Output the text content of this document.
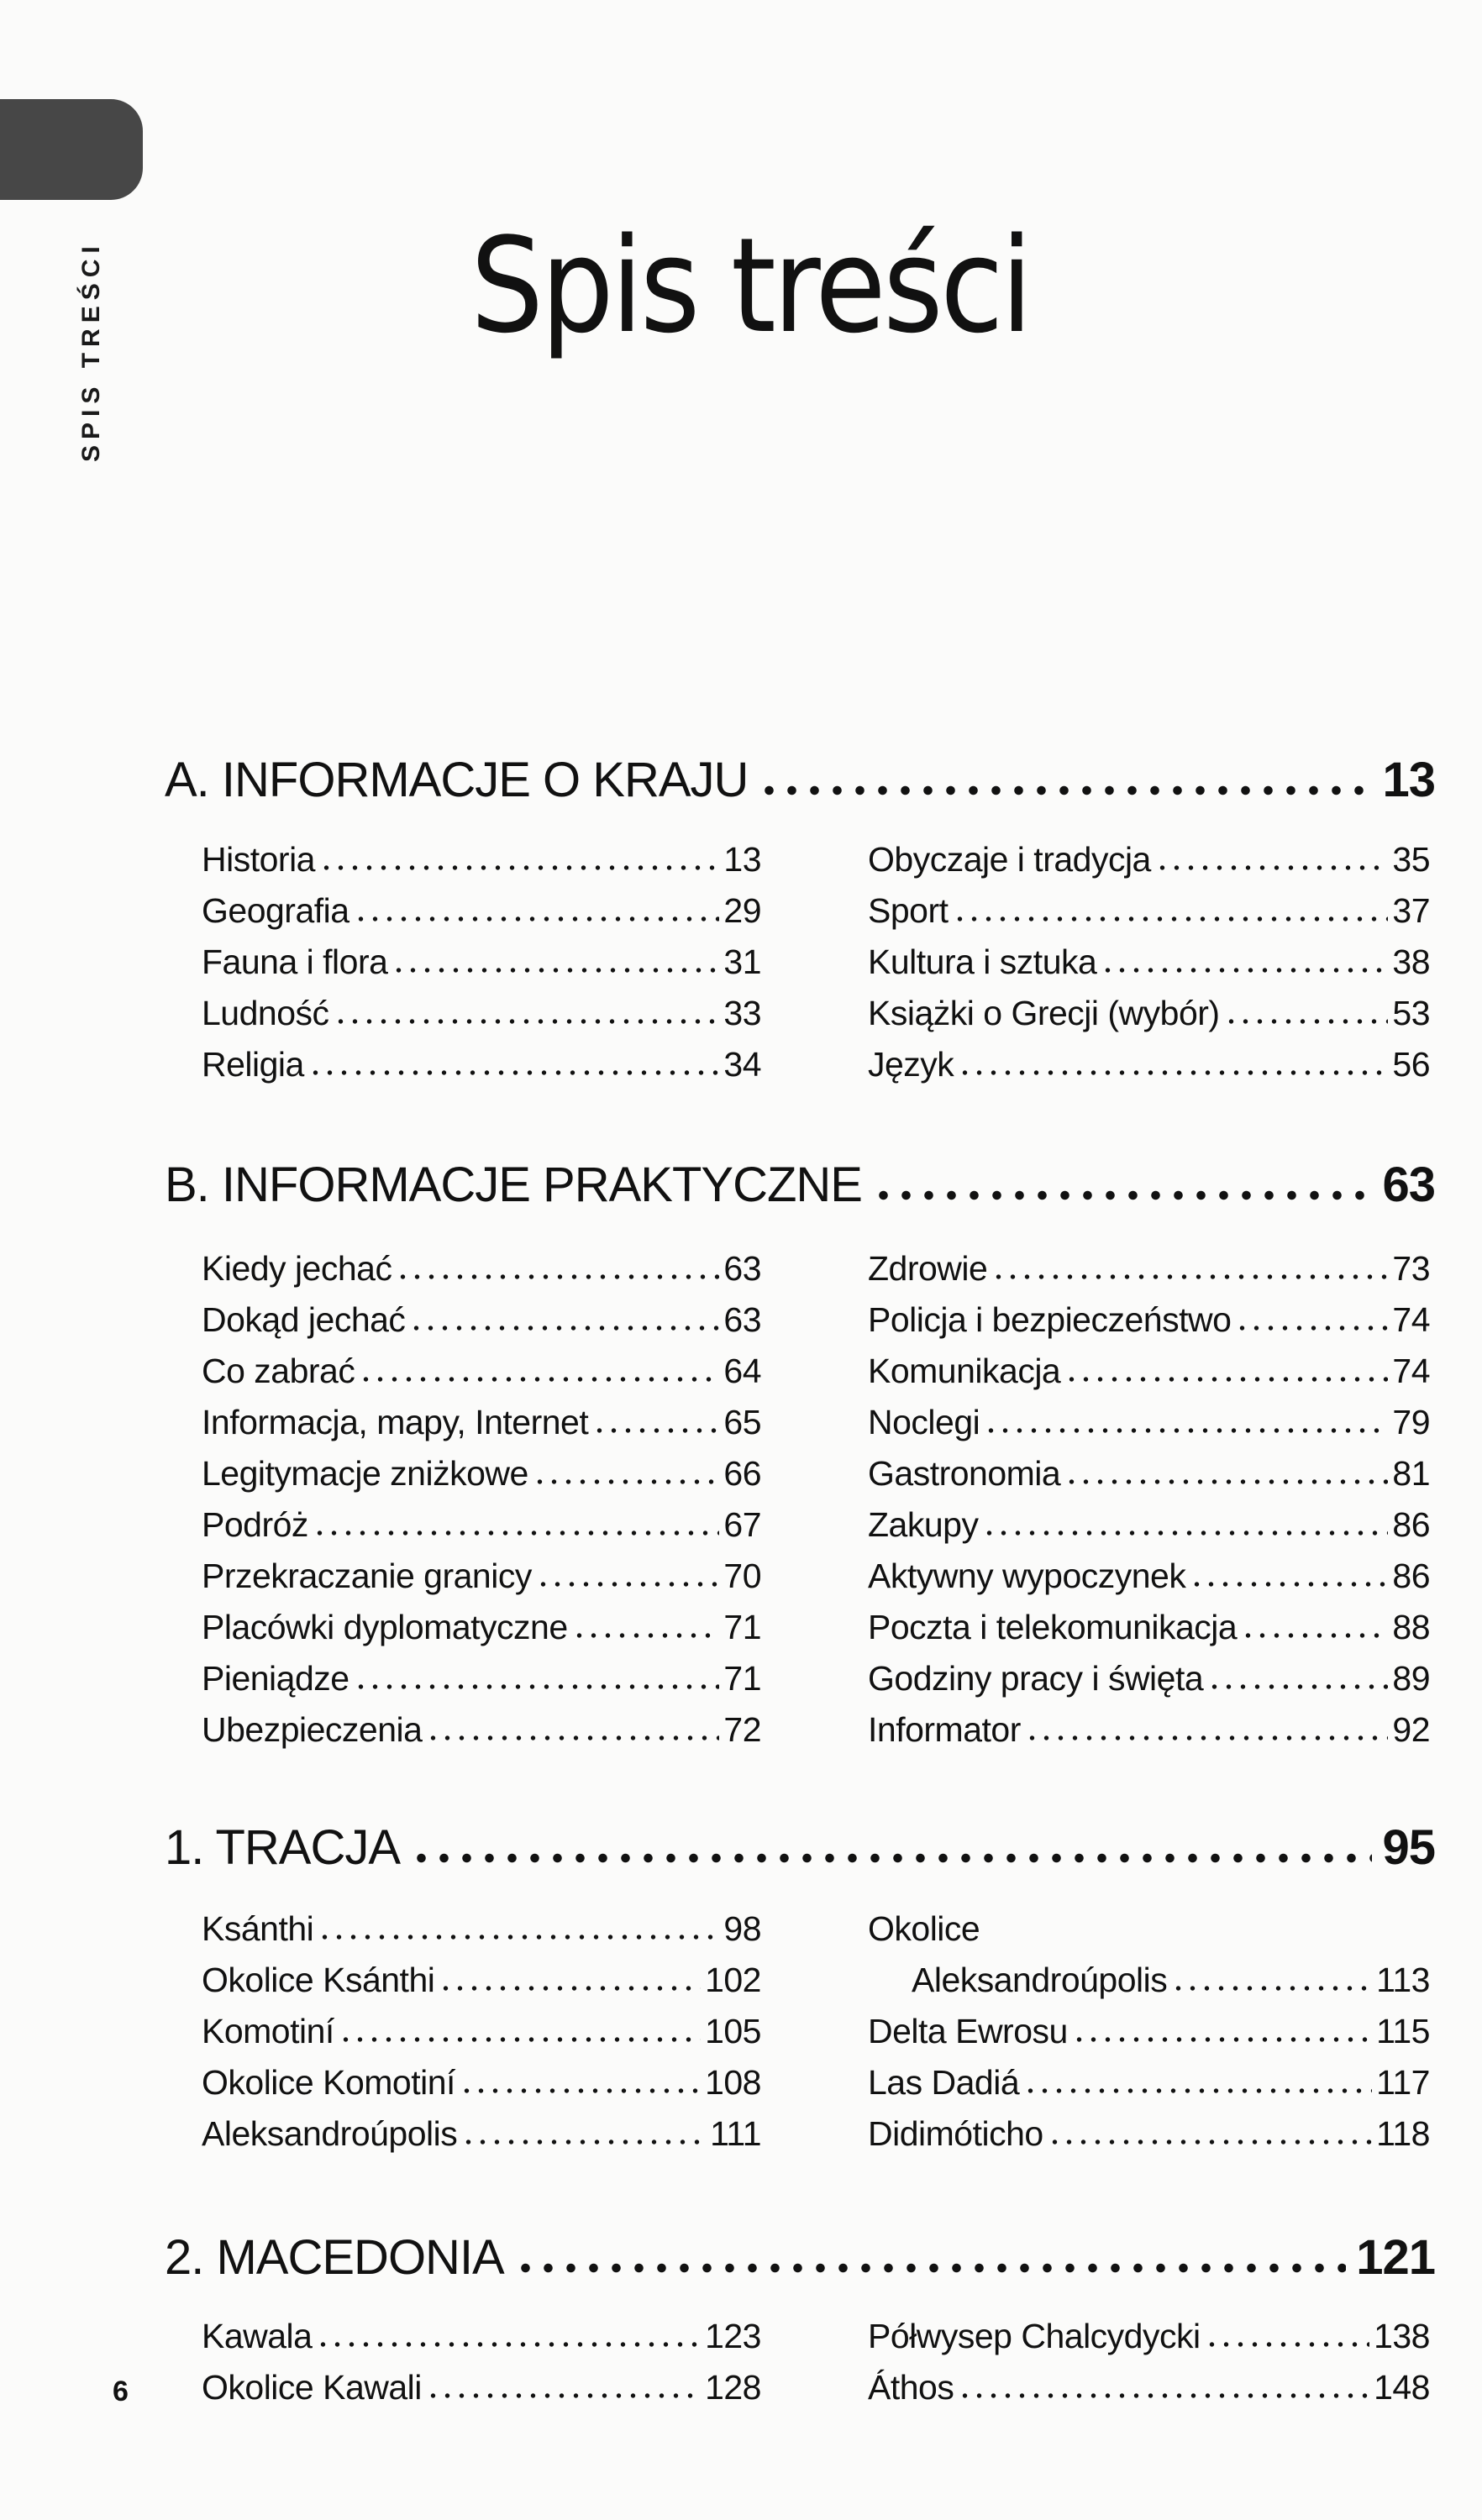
SPIS TREŚCI	Spis treści
A. INFORMACJE O KRAJU	13
Historia	13
Geografia	29
Fauna i flora	31
Ludność	33
Religia	34
Obyczaje i tradycja	35
Sport	37
Kultura i sztuka	38
Książki o Grecji (wybór)	53
Język	56
B. INFORMACJE PRAKTYCZNE	63
Kiedy jechać	63
Dokąd jechać	63
Co zabrać	64
Informacja, mapy, Internet	65
Legitymacje zniżkowe	66
Podróż	67
Przekraczanie granicy	70
Placówki dyplomatyczne	71
Pieniądze	71
Ubezpieczenia	72
Zdrowie	73
Policja i bezpieczeństwo	74
Komunikacja	74
Noclegi	79
Gastronomia	81
Zakupy	86
Aktywny wypoczynek	86
Poczta i telekomunikacja	88
Godziny pracy i święta	89
Informator	92
1. TRACJA	95
Ksánthi	98
Okolice Ksánthi	102
Komotiní	105
Okolice Komotiní	108
Aleksandroúpolis	111
Okolice
Aleksandroúpolis	113
Delta Ewrosu	115
Las Dadiá	117
Didimóticho	118
2. MACEDONIA	121
Kawala	123
Okolice Kawali	128
Półwysep Chalcydycki	138
Áthos	148
6
